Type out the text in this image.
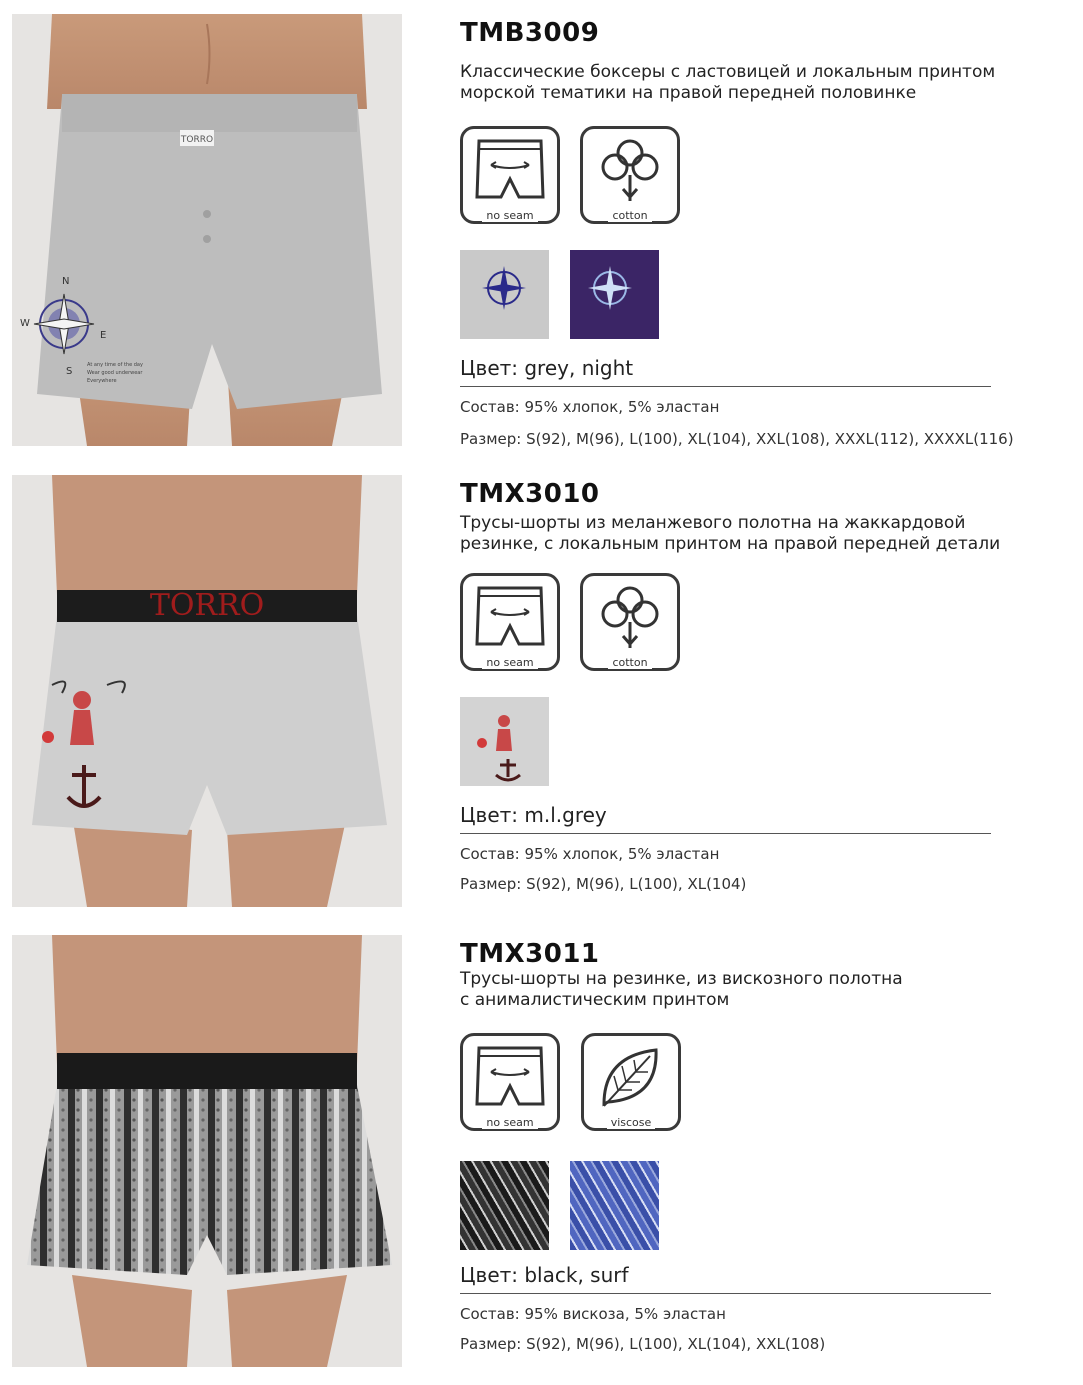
TORRO
N
E
S
W
At any time of the day
Wear good underwear
Everywhere
TMB3009
Классические боксеры с ластовицей и локальным принтом
морской тематики на правой передней половинке
no seam	cotton
Цвет: grey, night
Состав: 95% хлопок, 5% эластан
Размер: S(92), M(96), L(100), XL(104), XXL(108), XXXL(112), XXXXL(116)
TORRO
TMX3010
Трусы-шорты из меланжевого полотна на жаккардовой
резинке, с локальным принтом на правой передней детали
no seam	cotton
Цвет: m.l.grey
Состав: 95% хлопок, 5% эластан
Размер: S(92), M(96), L(100), XL(104)
TMX3011
Трусы-шорты на резинке, из вискозного полотна
с анималистическим принтом
no seam	viscose
Цвет: black, surf
Состав: 95% вискоза, 5% эластан
Размер: S(92), M(96), L(100), XL(104), XXL(108)
